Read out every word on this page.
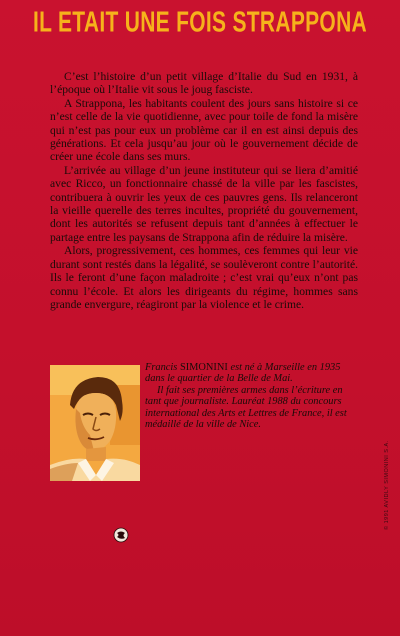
IL ETAIT UNE FOIS STRAPPONA

C’est l’histoire d’un petit village d’Italie du Sud en 1931, à l’époque où l’Italie vit sous le joug fasciste.

A Strappona, les habitants coulent des jours sans histoire si ce n’est celle de la vie quotidienne, avec pour toile de fond la misère qui n’est pas pour eux un problème car il en est ainsi depuis des générations. Et cela jusqu’au jour où le gouvernement décide de créer une école dans ses murs.

L’arrivée au village d’un jeune instituteur qui se liera d’amitié avec Ricco, un fonctionnaire chassé de la ville par les fascistes, contribuera à ouvrir les yeux de ces pauvres gens. Ils relanceront la vieille querelle des terres incultes, propriété du gouvernement, dont les autorités se refusent depuis tant d’années à effectuer le partage entre les paysans de Strappona afin de réduire la misère.

Alors, progressivement, ces hommes, ces femmes qui leur vie durant sont restés dans la légalité, se soulèveront contre l’autorité. Ils le feront d’une façon maladroite ; c’est vrai qu’eux n’ont pas connu l’école. Et alors les dirigeants du régime, hommes sans grande envergure, réagiront par la violence et le crime.

Francis SIMONINI est né à Marseille en 1935 dans le quartier de la Belle de Mai.

Il fait ses premières armes dans l’écriture en tant que journaliste. Lauréat 1988 du concours international des Arts et Lettres de France, il est médaillé de la ville de Nice.

© 1991 AVIDLY SIMONINI S.A.
